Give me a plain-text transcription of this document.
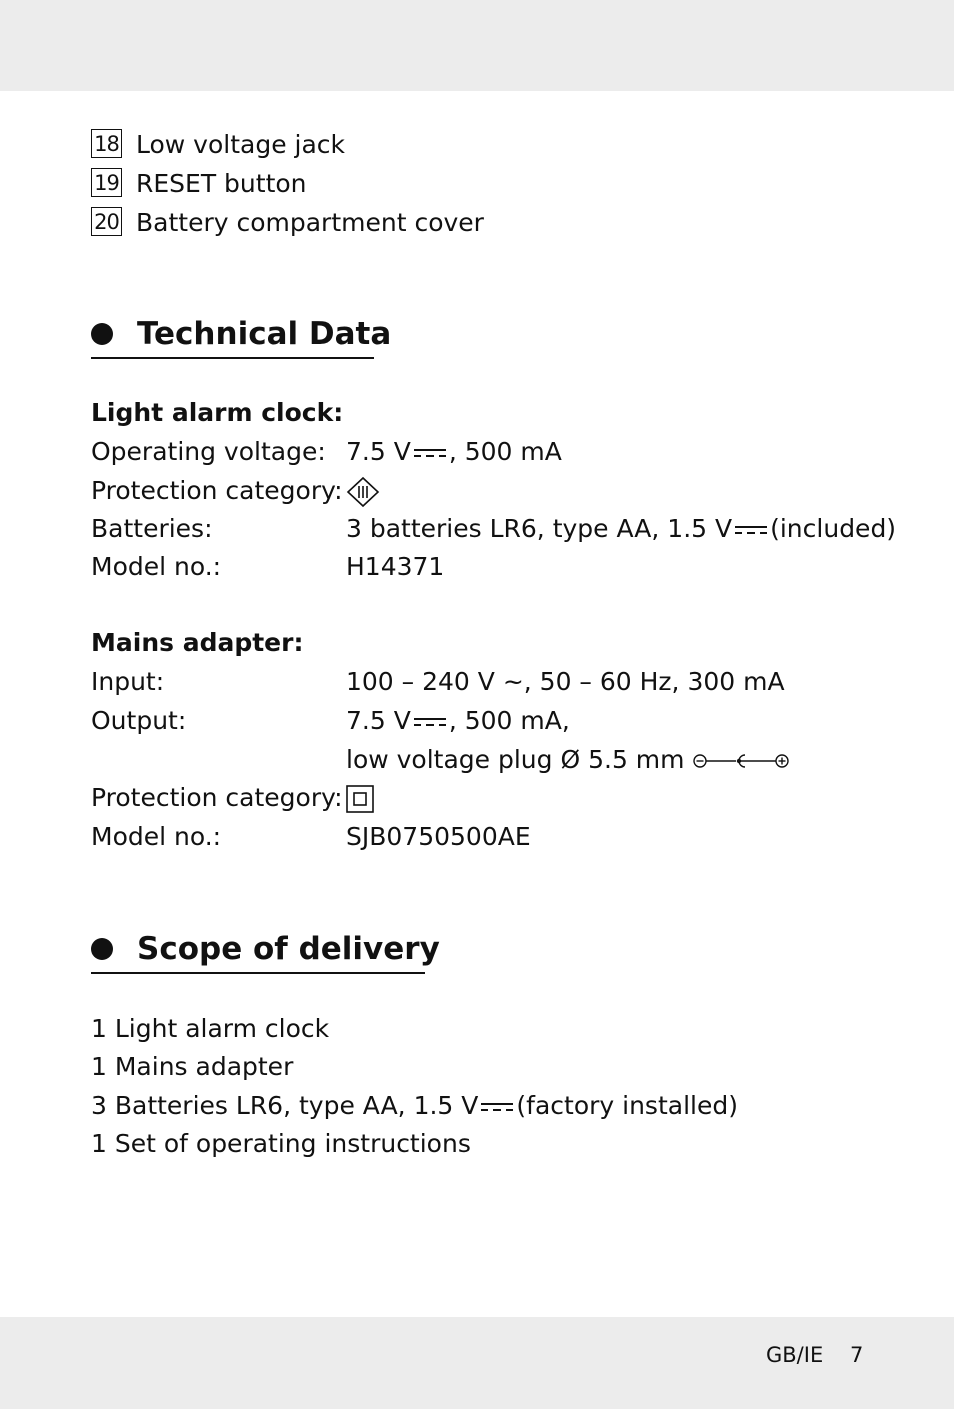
18 Low voltage jack
19 RESET button
20 Battery compartment cover
Technical Data
Light alarm clock:
Operating voltage: 7.5 V , 500 mA
Protection category:
Batteries:	3 batteries LR6, type AA, 1.5 V (included)
Model no.:	H14371
Mains adapter:
Input:	100 – 240 V ~, 50 – 60 Hz, 300 mA
Output:	7.5 V , 500 mA,
low voltage plug Ø 5.5 mm
Protection category:
Model no.:	SJB0750500AE
Scope of delivery
1 Light alarm clock
1 Mains adapter
3 Batteries LR6, type AA, 1.5 V (factory installed)
1 Set of operating instructions
GB/IE 7
